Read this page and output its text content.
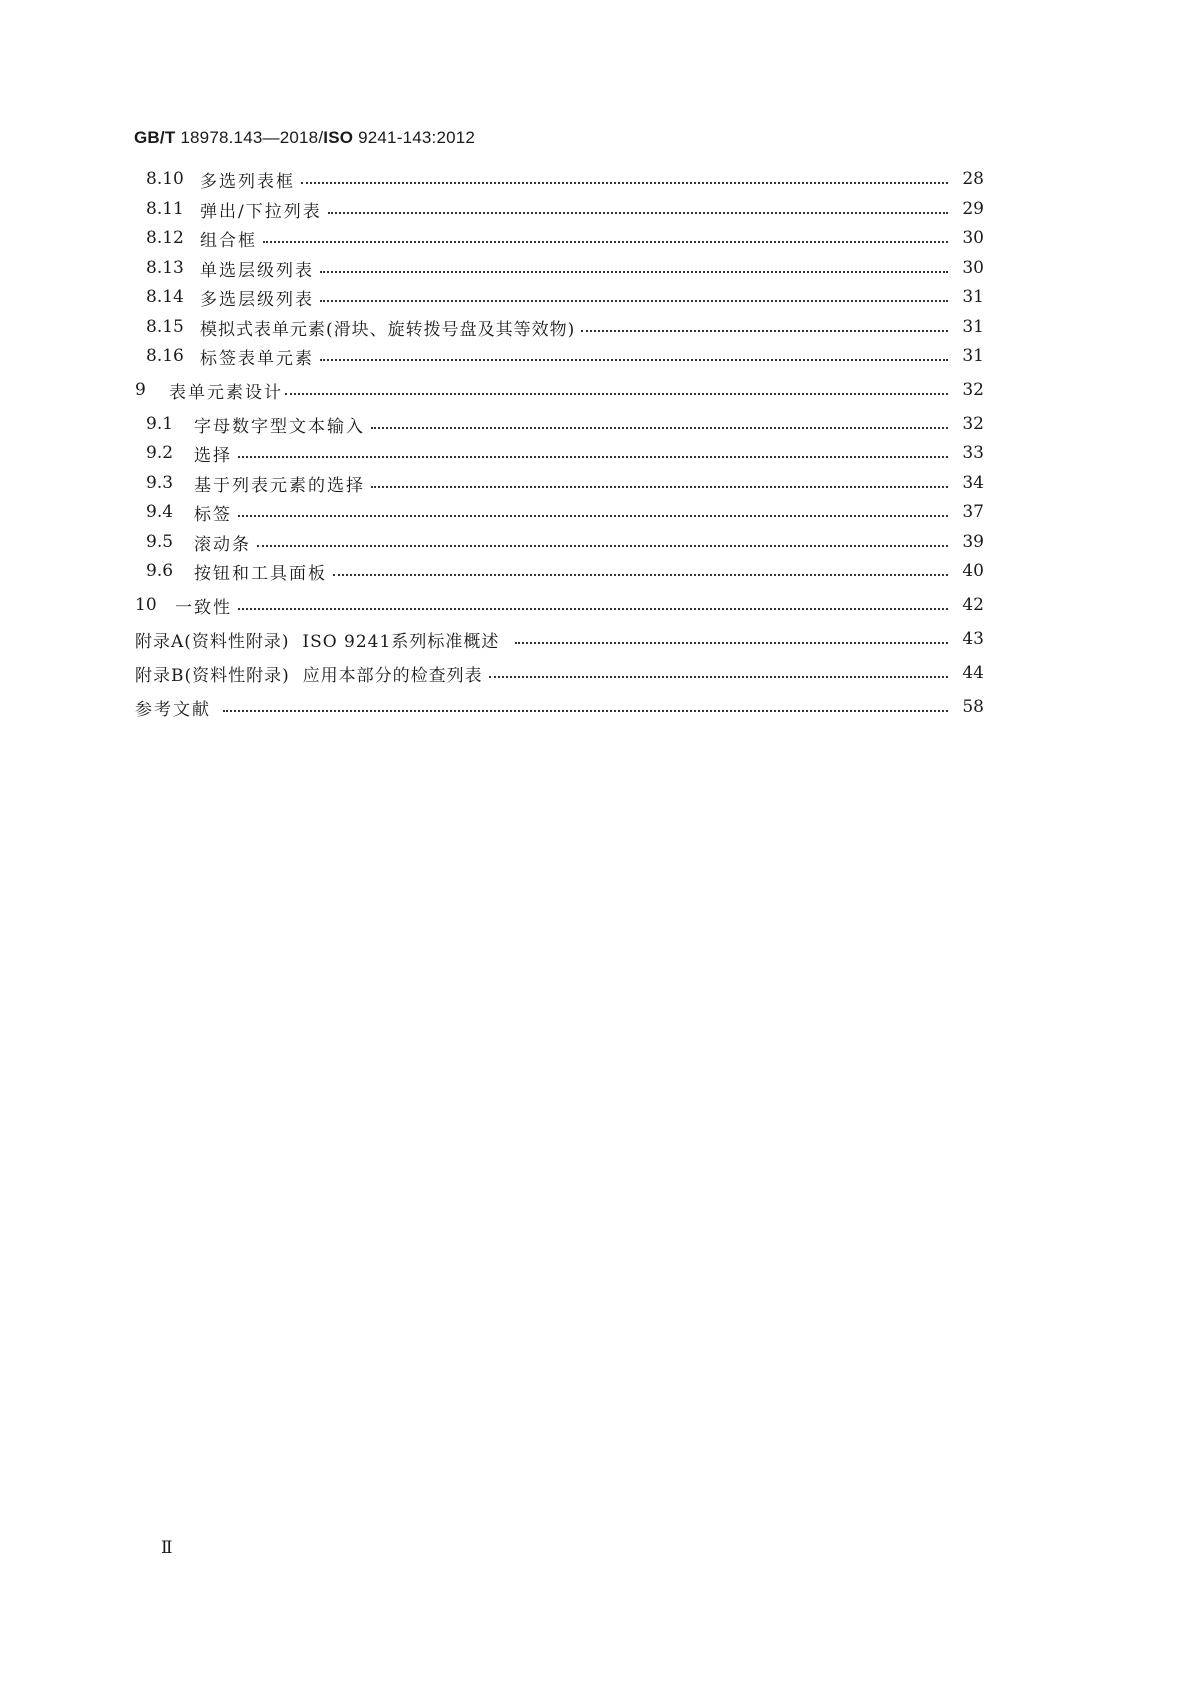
GB/T 18978.143—2018/ISO 9241-143:2012
8.10 多选列表框	28
8.11 弹出/下拉列表	29
8.12 组合框	30
8.13 单选层级列表	30
8.14 多选层级列表	31
8.15 模拟式表单元素(滑块、旋转拨号盘及其等效物)	31
8.16 标签表单元素	31
9	表单元素设计	32
9.1	字母数字型文本输入	32
9.2	选择	33
9.3	基于列表元素的选择	34
9.4	标签	37
9.5	滚动条	39
9.6	按钮和工具面板	40
10	一致性	42
附录A (资料性附录)  ISO 9241系列标准概述	43
附录B (资料性附录)  应用本部分的检查列表	44
参考文献	58
Ⅱ
